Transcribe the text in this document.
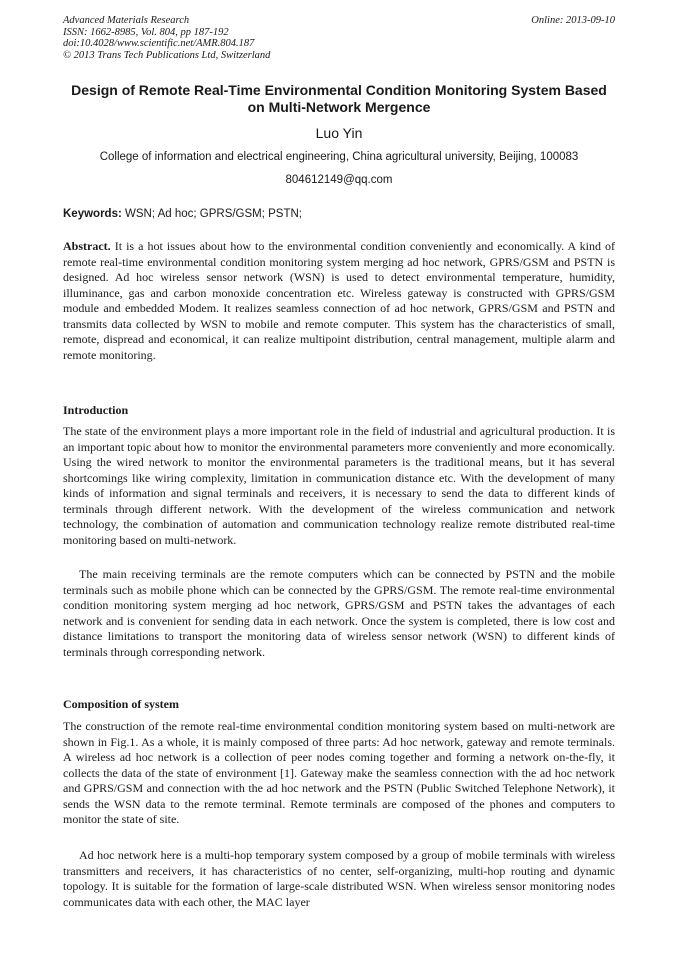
Advanced Materials Research
ISSN: 1662-8985, Vol. 804, pp 187-192
doi:10.4028/www.scientific.net/AMR.804.187
© 2013 Trans Tech Publications Ltd, Switzerland
Online: 2013-09-10
Design of Remote Real-Time Environmental Condition Monitoring System Based on Multi-Network Mergence
Luo Yin
College of information and electrical engineering, China agricultural university, Beijing, 100083
804612149@qq.com
Keywords: WSN; Ad hoc; GPRS/GSM; PSTN;

Abstract. It is a hot issues about how to the environmental condition conveniently and economically. A kind of remote real-time environmental condition monitoring system merging ad hoc network, GPRS/GSM and PSTN is designed. Ad hoc wireless sensor network (WSN) is used to detect environmental temperature, humidity, illuminance, gas and carbon monoxide concentration etc. Wireless gateway is constructed with GPRS/GSM module and embedded Modem. It realizes seamless connection of ad hoc network, GPRS/GSM and PSTN and transmits data collected by WSN to mobile and remote computer. This system has the characteristics of small, remote, dispread and economical, it can realize multipoint distribution, central management, multiple alarm and remote monitoring.

Introduction

The state of the environment plays a more important role in the field of industrial and agricultural production. It is an important topic about how to monitor the environmental parameters more conveniently and more economically. Using the wired network to monitor the environmental parameters is the traditional means, but it has several shortcomings like wiring complexity, limitation in communication distance etc. With the development of many kinds of information and signal terminals and receivers, it is necessary to send the data to different kinds of terminals through different network. With the development of the wireless communication and network technology, the combination of automation and communication technology realize remote distributed real-time monitoring based on multi-network.

The main receiving terminals are the remote computers which can be connected by PSTN and the mobile terminals such as mobile phone which can be connected by the GPRS/GSM. The remote real-time environmental condition monitoring system merging ad hoc network, GPRS/GSM and PSTN takes the advantages of each network and is convenient for sending data in each network. Once the system is completed, there is low cost and distance limitations to transport the monitoring data of wireless sensor network (WSN) to different kinds of terminals through corresponding network.

Composition of system

The construction of the remote real-time environmental condition monitoring system based on multi-network are shown in Fig.1. As a whole, it is mainly composed of three parts: Ad hoc network, gateway and remote terminals. A wireless ad hoc network is a collection of peer nodes coming together and forming a network on-the-fly, it collects the data of the state of environment [1]. Gateway make the seamless connection with the ad hoc network and GPRS/GSM and connection with the ad hoc network and the PSTN (Public Switched Telephone Network), it sends the WSN data to the remote terminal. Remote terminals are composed of the phones and computers to monitor the state of site.

Ad hoc network here is a multi-hop temporary system composed by a group of mobile terminals with wireless transmitters and receivers, it has characteristics of no center, self-organizing, multi-hop routing and dynamic topology. It is suitable for the formation of large-scale distributed WSN. When wireless sensor monitoring nodes communicates data with each other, the MAC layer
